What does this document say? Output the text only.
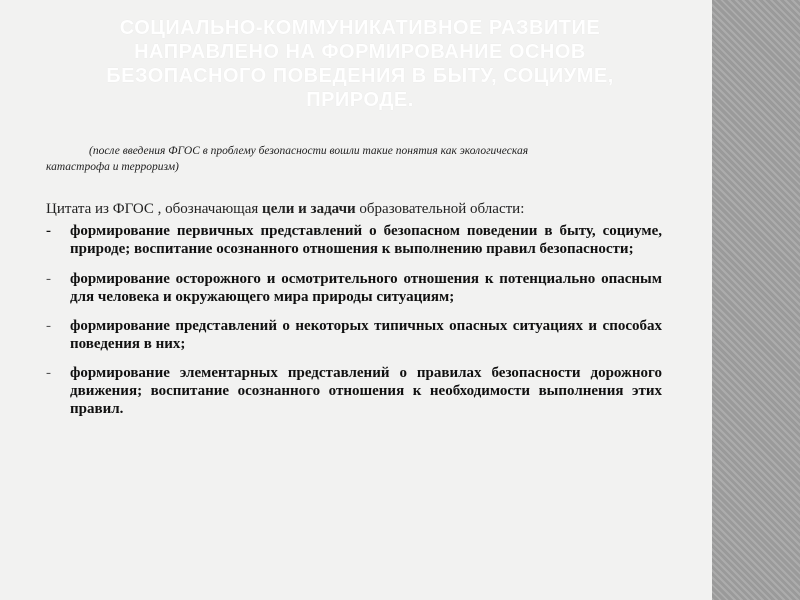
СОЦИАЛЬНО-КОММУНИКАТИВНОЕ РАЗВИТИЕ НАПРАВЛЕНО НА ФОРМИРОВАНИЕ ОСНОВ БЕЗОПАСНОГО ПОВЕДЕНИЯ В БЫТУ, СОЦИУМЕ, ПРИРОДЕ.
(после введения ФГОС в проблему безопасности вошли такие понятия как экологическая
катастрофа и терроризм)
Цитата из ФГОС , обозначающая цели и задачи образовательной области:
- формирование первичных представлений о безопасном поведении в быту, социуме, природе; воспитание осознанного отношения к выполнению правил безопасности;
- формирование осторожного и осмотрительного отношения к потенциально опасным для человека и окружающего мира природы ситуациям;
- формирование представлений о некоторых типичных опасных ситуациях и способах поведения в них;
- формирование элементарных представлений о правилах безопасности дорожного движения; воспитание осознанного отношения к необходимости выполнения этих правил.
